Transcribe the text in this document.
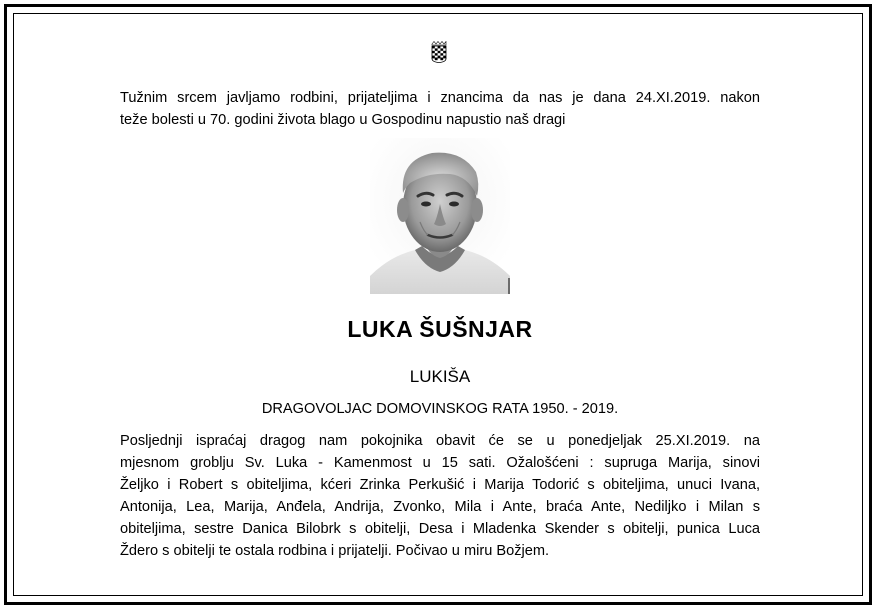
Tužnim srcem javljamo rodbini, prijateljima i znancima da nas je dana 24.XI.2019. nakon
teže bolesti u 70. godini života blago u Gospodinu napustio naš dragi
LUKA ŠUŠNJAR
LUKIŠA
DRAGOVOLJAC DOMOVINSKOG RATA 1950. - 2019.
Posljednji ispraćaj dragog nam pokojnika obavit će se u ponedjeljak 25.XI.2019. na
mjesnom groblju Sv. Luka - Kamenmost u 15 sati. Ožalošćeni : supruga Marija, sinovi
Željko i Robert s obiteljima, kćeri Zrinka Perkušić i Marija Todorić s obiteljima, unuci Ivana,
Antonija, Lea, Marija, Anđela, Andrija, Zvonko, Mila i Ante, braća Ante, Nediljko i Milan s
obiteljima, sestre Danica Bilobrk s obitelji, Desa i Mladenka Skender s obitelji, punica Luca
Ždero s obitelji te ostala rodbina i prijatelji. Počivao u miru Božjem.
